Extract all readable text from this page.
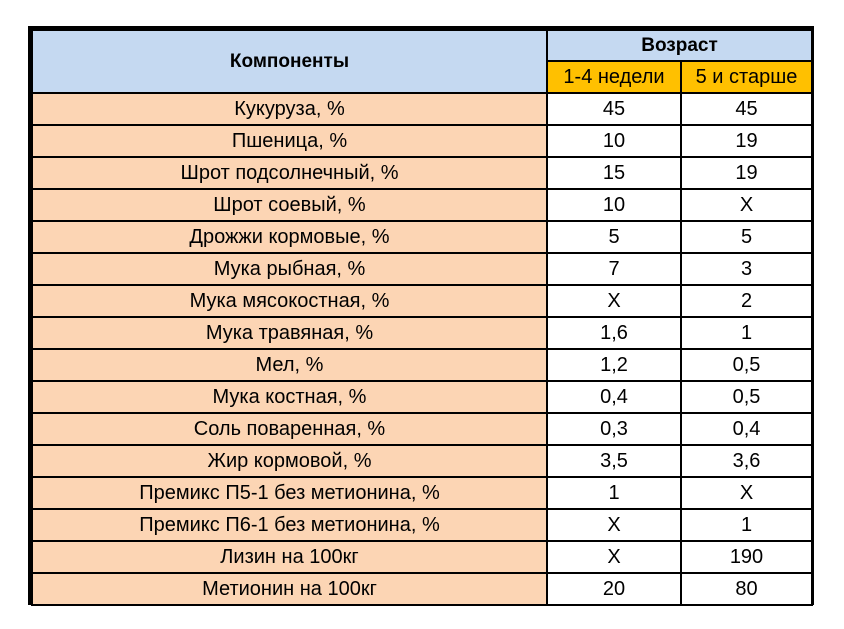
Компоненты	Возраст	
	1-4 недели	5 и старше
Кукуруза, %	45	45
Пшеница, %	10	19
Шрот подсолнечный, %	15	19
Шрот соевый, %	10	Х
Дрожжи кормовые, %	5	5
Мука рыбная, %	7	3
Мука мясокостная, %	Х	2
Мука травяная, %	1,6	1
Мел, %	1,2	0,5
Мука костная, %	0,4	0,5
Соль поваренная, %	0,3	0,4
Жир кормовой, %	3,5	3,6
Премикс П5-1 без метионина, %	1	Х
Премикс П6-1 без метионина, %	Х	1
Лизин на 100кг	Х	190
Метионин на 100кг	20	80
